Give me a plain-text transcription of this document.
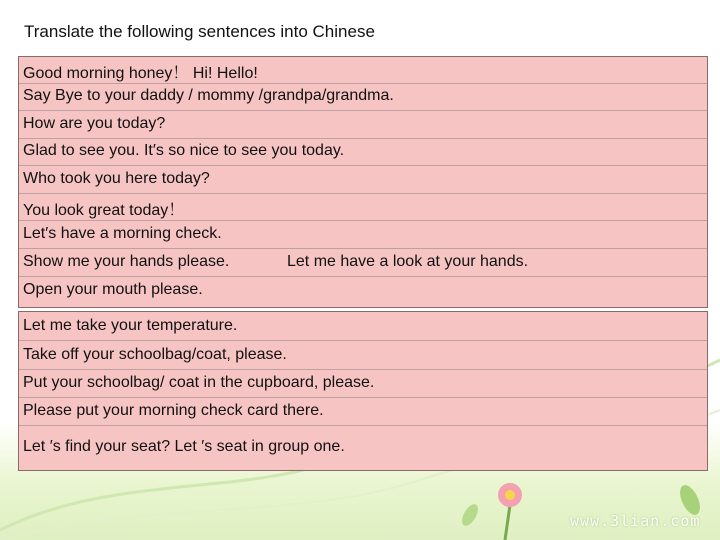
Translate the following sentences into Chinese
Good morning honey！ Hi! Hello!
Say Bye to your daddy / mommy /grandpa/grandma.
How are you today?
Glad to see you. It′s so nice to see you today.
Who took you here today?
You look great today！
Let′s have a morning check.
Show me your hands please.	Let me have a look at your hands.
Open your mouth please.
Let me take your temperature.
Take off your schoolbag/coat, please.
Put your schoolbag/ coat in the cupboard, please.
Please put your morning check card there.
Let ′s find your seat? Let ′s seat in group one.
www.3lian.com
